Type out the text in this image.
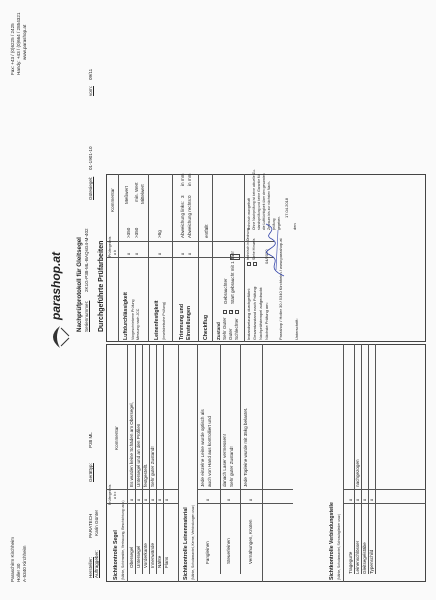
Paraschirm Kirchheim Holler 30 A-5340 Kirchheim
Fax: +43 / (0)6225 / 2425 Handy: +43 / (0)664 / 2854321 www.parashop.at
parashop.at Nachprüfprotokoll für Gleitsegel Seriennummer:
2K1G-P38-ML-BAQsG4-M-402
Hersteller:
PARATECH
Auftraggeber:
Karin Günter
Gerättyp:
P38 ML
Gütesiegel:
01-1901-10
vom:
09/11
Durchgeführte Prüfarbeiten
Prüfergebnis a b c
Sichtkontrolle Segel
Kommentar
(Nähte, Schirmmitte, Vertrauung, Beschichtung usw.) Obersegel
x
Es wurden keine Schäden am Obersegel,
Untersegel
x
Untersegel und an den Profilen
Vorderkante
x
festgestellt.
Innenwände
x
Sehr guter Zustand!
Nähte
x
Flans
x
Sichtkontrolle Leinenmaterial (Nähte, Schutzmantel, Kerne, Verbindungen usw.) Fangleinen
x
Jede einzelne Leine wurde optisch als auch von Hand aus kontrolliert und
Steuerleinen
x
danach Laser vermessen! Sehr guter Zustand!
Vernähungen, Knoten
x
Jede Topleine wurde mit 35kg belastet.
Sichtkontrolle Verbindungsteile (Nähte, Schutzmantel, Schraubglieder usw.) Tragegurte
x
Leinenschlösser
x
nachgezogen
Gleitsegelstäbe
x
Typenschild
x
Prüfergebnis a b
Kommentar
Luftdurchlässigkeit Vorgeschriebene Prüfung Messung nach JCC
x x
>350 >350
Meßwert min. Wert Mittelwert
Leinenfestigkeit (Inselstretsche Prüfung)
x
>8g
Trimmung und Einstellungen
x x
Abweichung links:
3
in mm
Abweichung rechts:
0
in mm
Checkflug
entfällt
Zustand Sehr Guter Guter
x
Schlechter
Gebrauchter Start gebraucht mit 1 Jahr
Instandsetzung durchgeführt: Gesamtzustand nach Prüfung: Nachprüfstempel aufgedruckt: Nächste Prüfung am: Parashop / Holler 30 / 5340 Kirchheim / www.parashop.at	Unterschrift:
technisch in Ordnung Siehe Hinweis	04/2020
technisch mangelhaft Ohne Nachprüfung ist keine aktuelle Zu- standsprüfung und keine Garantie für die Lufttüchtigkeit über den gesamten Zeitraum bis zur nächsten Nach- prüfung gegeben.
17.04.2018
den
